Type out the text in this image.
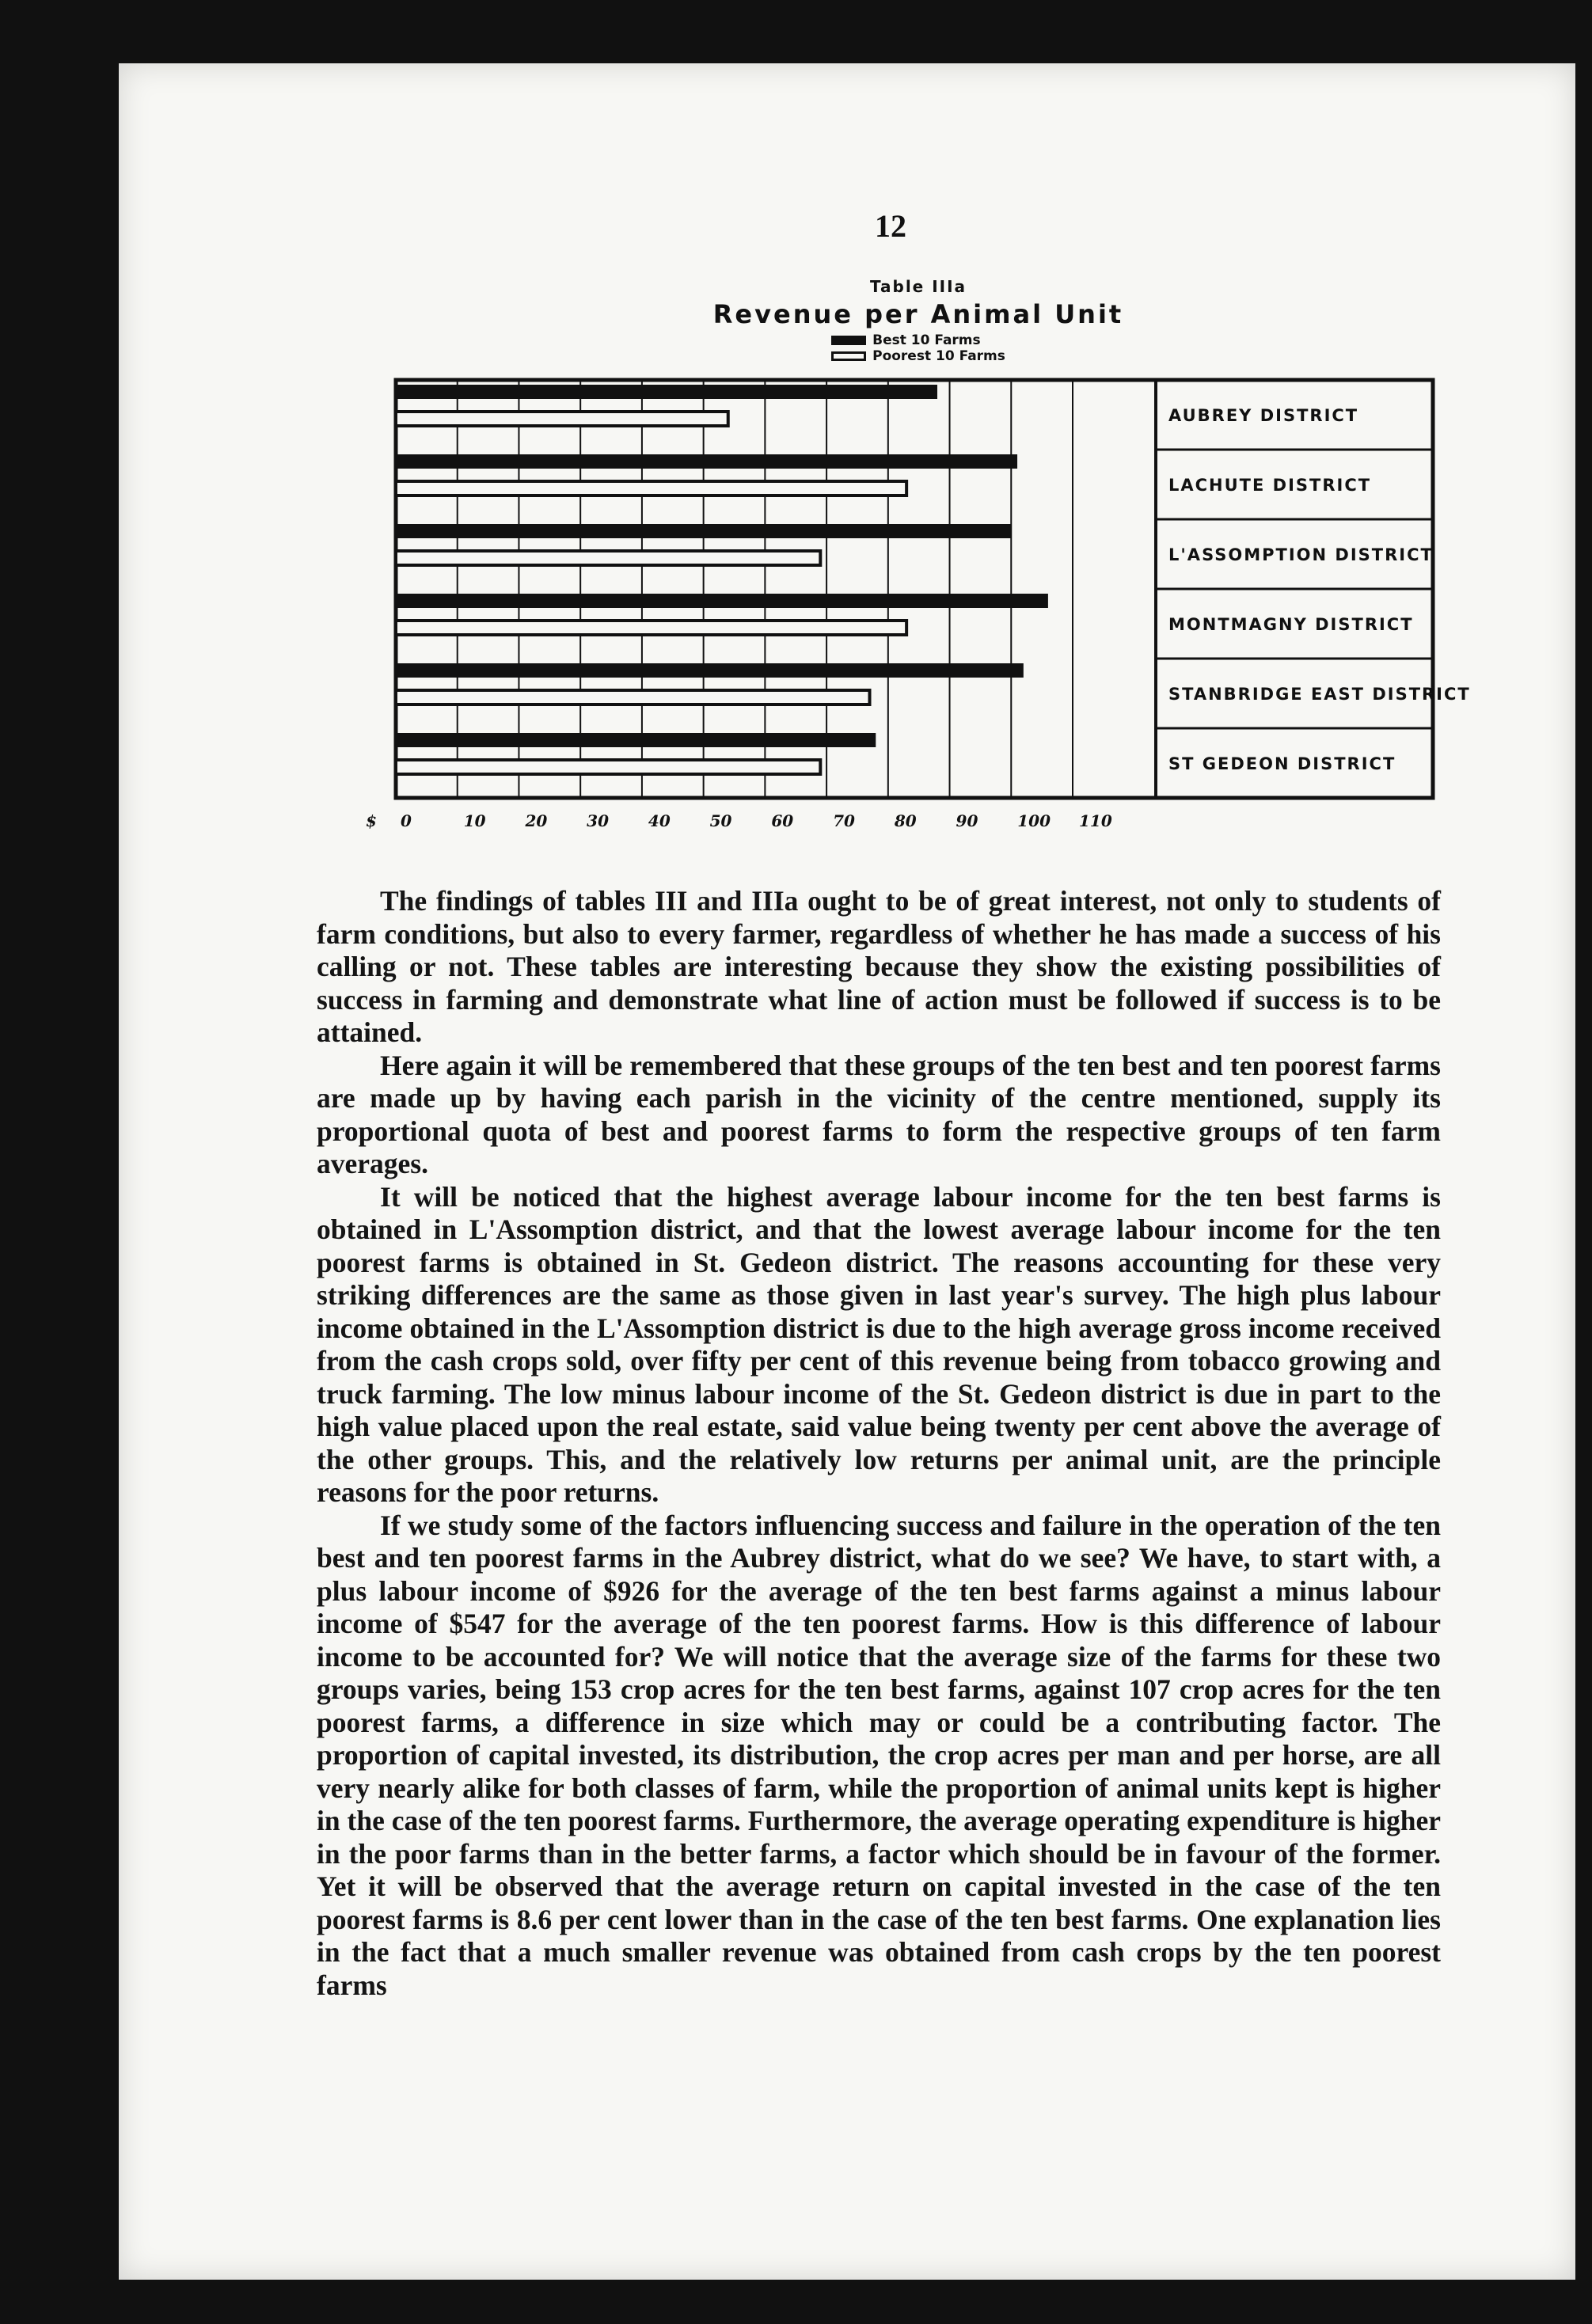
12
Table IIIa
Revenue per Animal Unit
Best 10 Farms
Poorest 10 Farms
AUBREY DISTRICT
LACHUTE DISTRICT
L'ASSOMPTION DISTRICT
MONTMAGNY DISTRICT
STANBRIDGE EAST DISTRICT
ST GEDEON DISTRICT
$ 0	10 20 30 40 50 60 70 80 90 100 110

The findings of tables III and IIIa ought to be of great interest, not only to students of farm conditions, but also to every farmer, regardless of whether he has made a success of his calling or not. These tables are interesting because they show the existing possibilities of success in farming and demonstrate what line of action must be followed if success is to be attained.

Here again it will be remembered that these groups of the ten best and ten poorest farms are made up by having each parish in the vicinity of the centre mentioned, supply its proportional quota of best and poorest farms to form the respective groups of ten farm averages.

It will be noticed that the highest average labour income for the ten best farms is obtained in L'Assomption district, and that the lowest average labour income for the ten poorest farms is obtained in St. Gedeon district. The reasons accounting for these very striking differences are the same as those given in last year's survey. The high plus labour income obtained in the L'Assomption district is due to the high average gross income received from the cash crops sold, over fifty per cent of this revenue being from tobacco growing and truck farming. The low minus labour income of the St. Gedeon district is due in part to the high value placed upon the real estate, said value being twenty per cent above the average of the other groups. This, and the relatively low returns per animal unit, are the principle reasons for the poor returns.

If we study some of the factors influencing success and failure in the operation of the ten best and ten poorest farms in the Aubrey district, what do we see? We have, to start with, a plus labour income of $926 for the average of the ten best farms against a minus labour income of $547 for the average of the ten poorest farms. How is this difference of labour income to be accounted for? We will notice that the average size of the farms for these two groups varies, being 153 crop acres for the ten best farms, against 107 crop acres for the ten poorest farms, a difference in size which may or could be a contributing factor. The proportion of capital invested, its distribution, the crop acres per man and per horse, are all very nearly alike for both classes of farm, while the proportion of animal units kept is higher in the case of the ten poorest farms. Furthermore, the average operating expenditure is higher in the poor farms than in the better farms, a factor which should be in favour of the former. Yet it will be observed that the average return on capital invested in the case of the ten poorest farms is 8.6 per cent lower than in the case of the ten best farms. One explanation lies in the fact that a much smaller revenue was obtained from cash crops by the ten poorest farms
